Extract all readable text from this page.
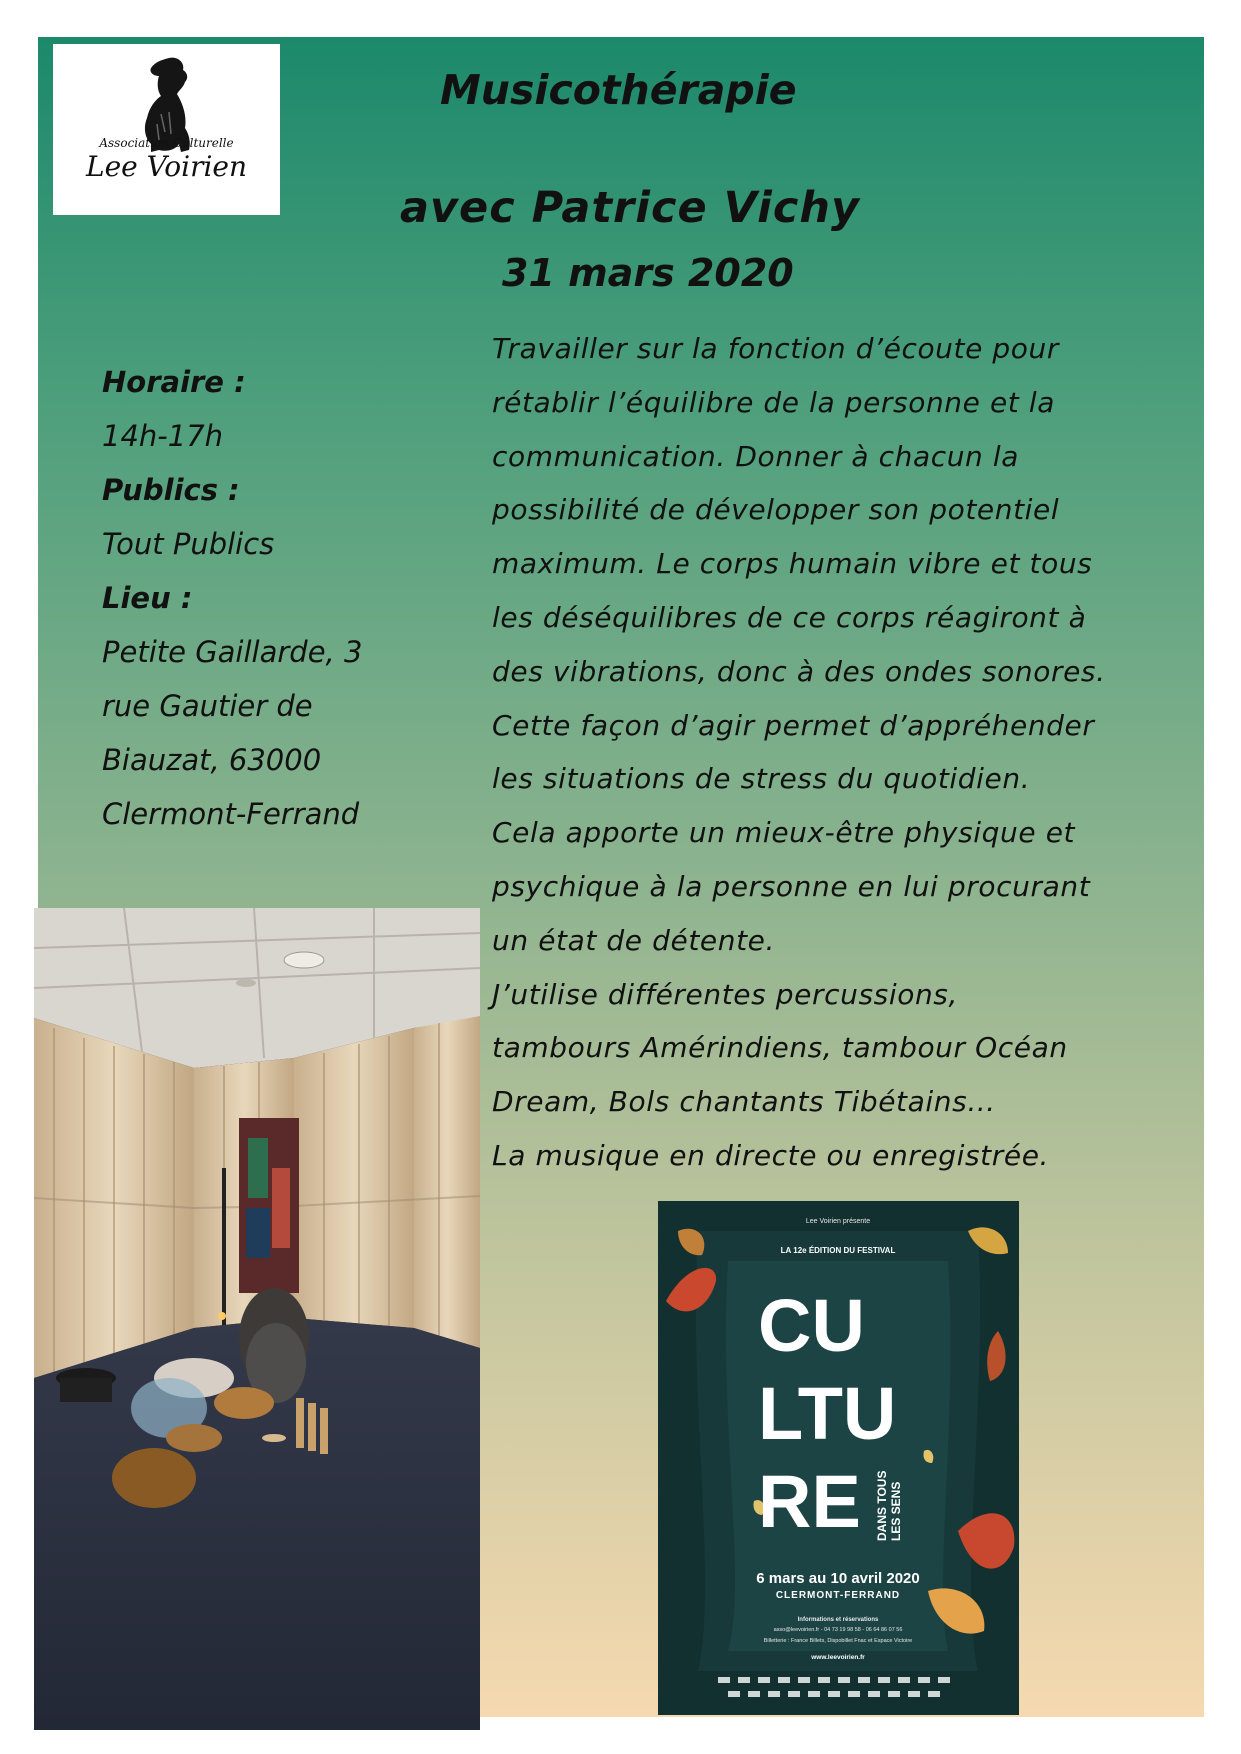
Association Culturelle
Lee Voirien
Musicothérapie
avec Patrice Vichy
31 mars 2020
Horaire :
14h-17h
Publics :
Tout Publics
Lieu :
Petite Gaillarde, 3
rue Gautier de
Biauzat, 63000
Clermont-Ferrand
Travailler sur la fonction d’écoute pour
rétablir l’équilibre de la personne et la
communication. Donner à chacun la
possibilité de développer son potentiel
maximum. Le corps humain vibre et tous
les déséquilibres de ce corps réagiront à
des vibrations, donc à des ondes sonores.
Cette façon d’agir permet d’appréhender
les situations de stress du quotidien.
Cela apporte un mieux-être physique et
psychique à la personne en lui procurant
un état de détente.
J’utilise différentes percussions,
tambours Amérindiens, tambour Océan
Dream, Bols chantants Tibétains…
La musique en directe ou enregistrée.
Lee Voirien présente
LA 12e ÉDITION DU FESTIVAL
CU
LTU
RE DANS TOUS LES SENS
6 mars au 10 avril 2020
CLERMONT-FERRAND
Informations et réservations
asso@leevoirien.fr - 04 73 19 98 58 - 06 64 86 07 56
Billetterie : France Billets, Dispobillet Fnac et Espace Victoire
www.leevoirien.fr
